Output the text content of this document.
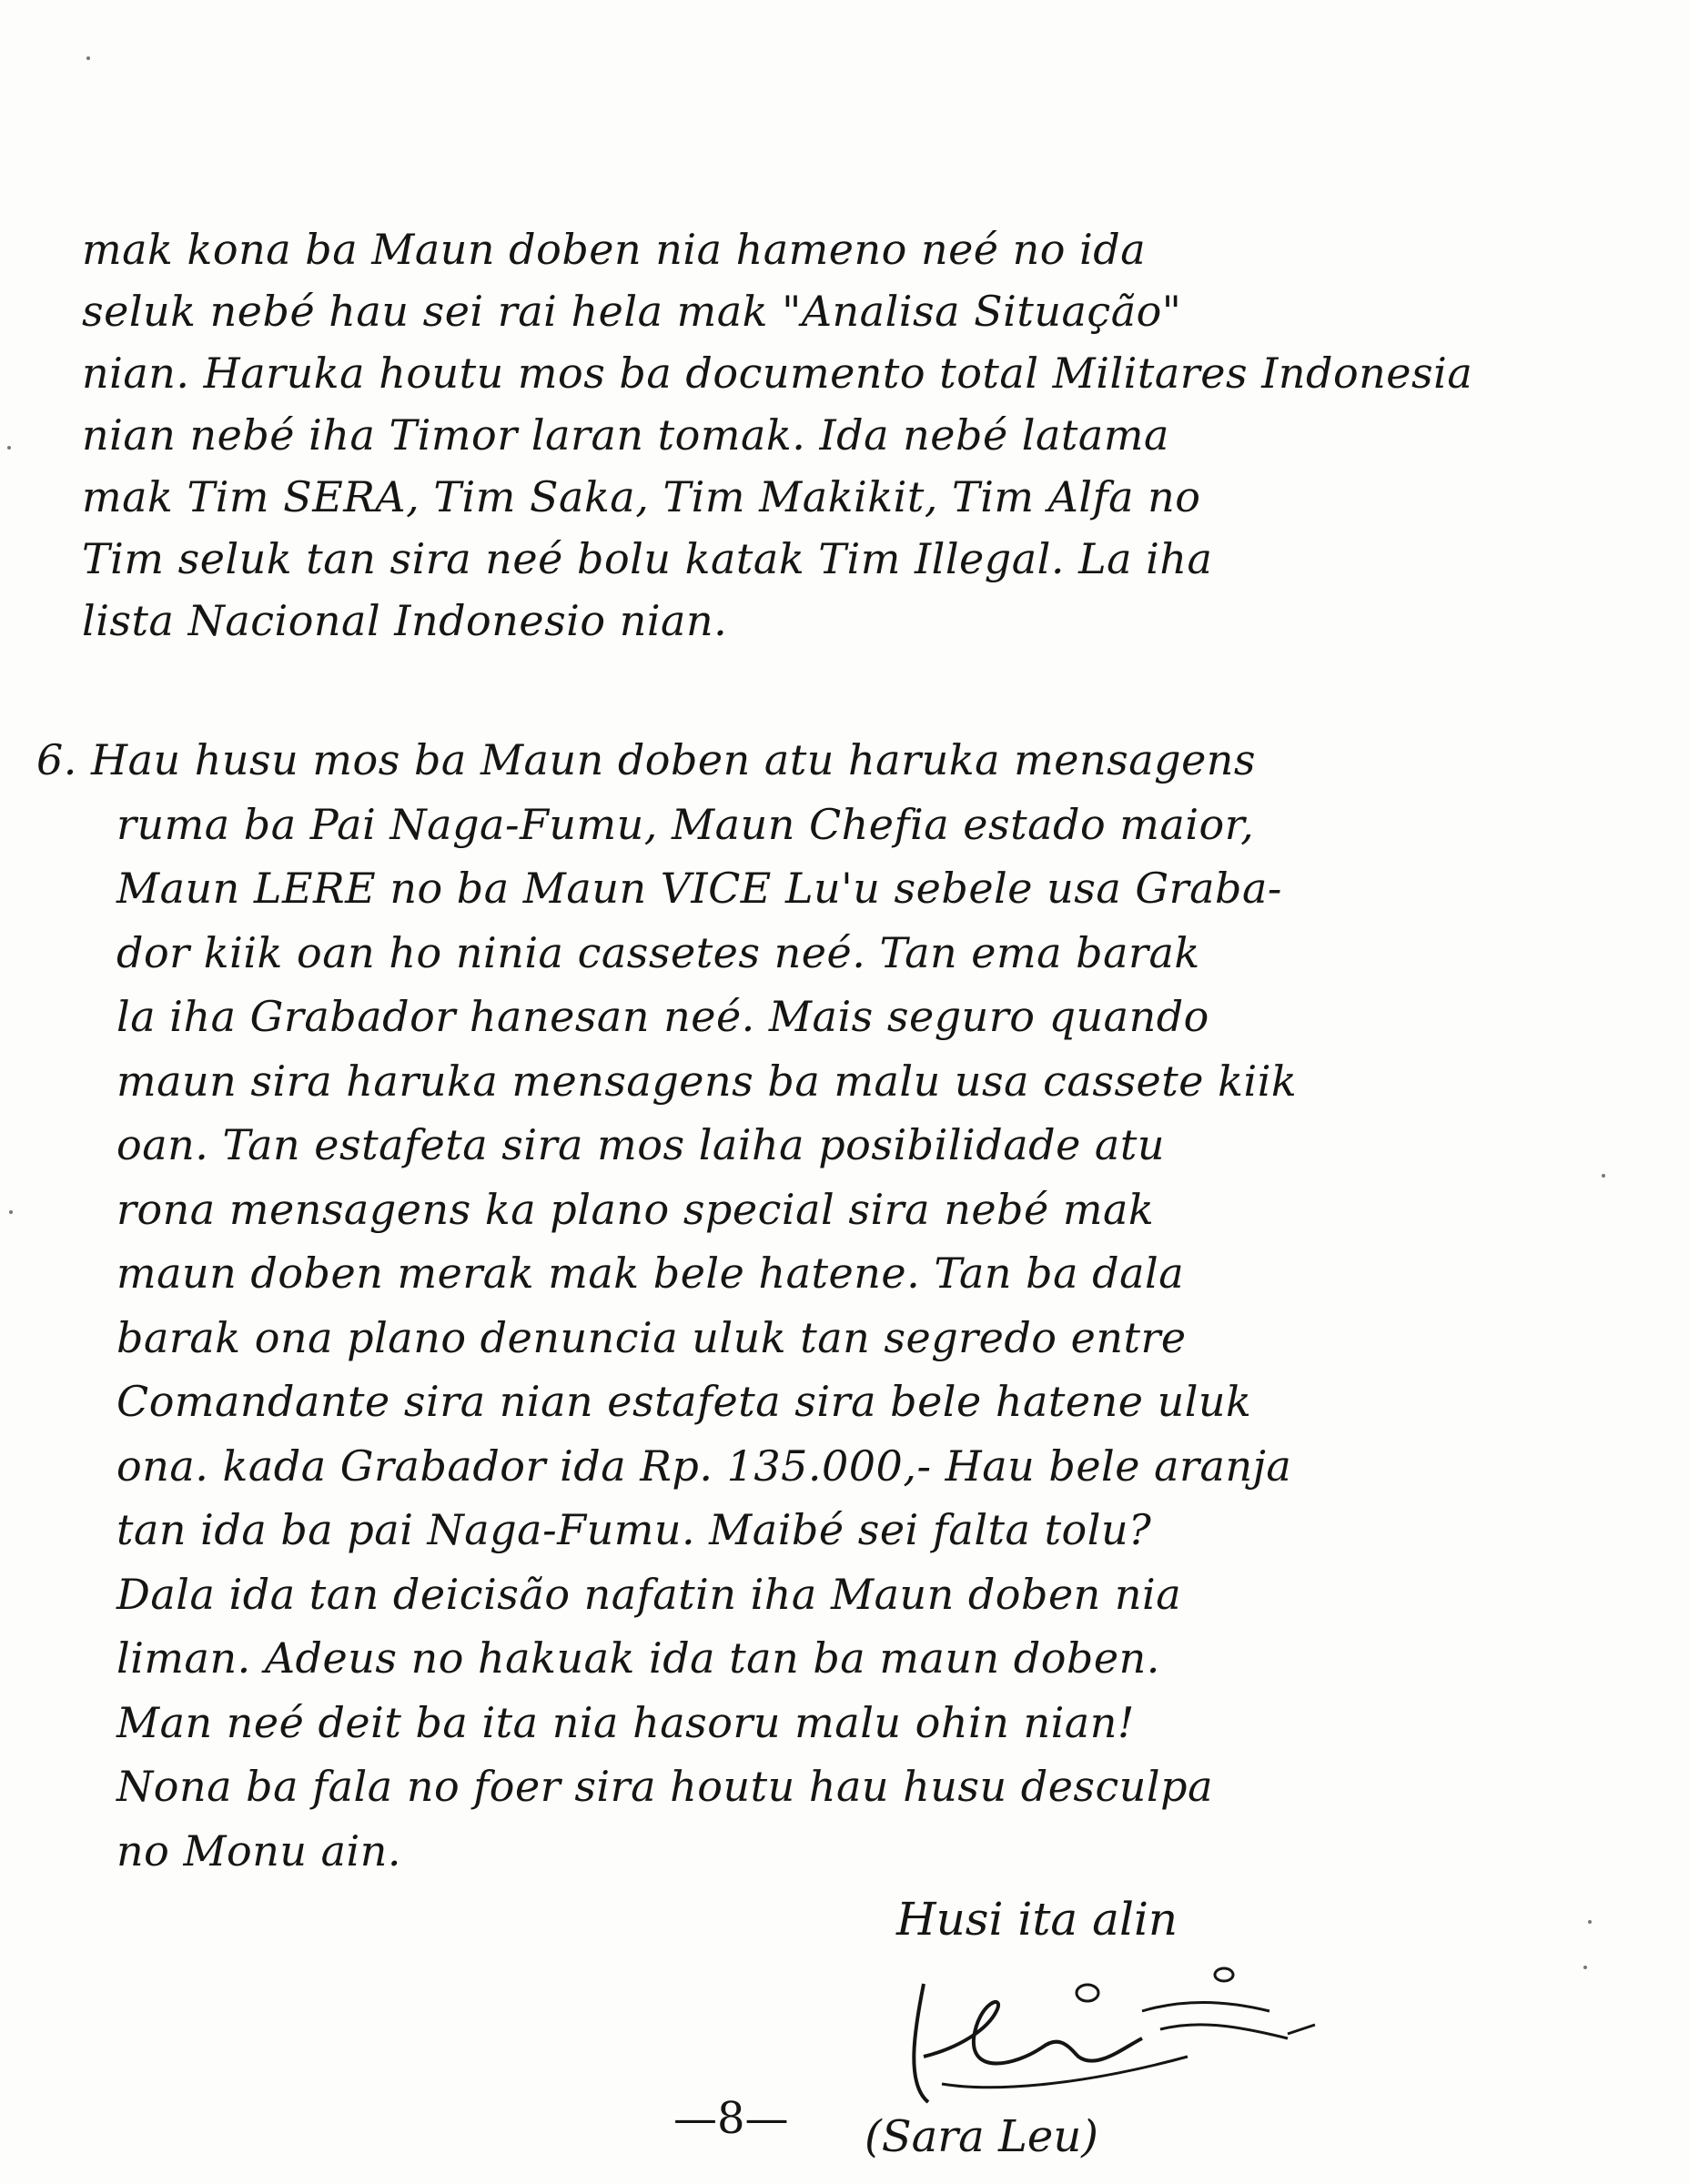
mak kona ba Maun doben nia hameno neé no ida
seluk nebé hau sei rai hela mak "Analisa Situação"
nian. Haruka houtu mos ba documento total Militares Indonesia
nian nebé iha Timor laran tomak. Ida nebé latama
mak Tim SERA, Tim Saka, Tim Makikit, Tim Alfa no
Tim seluk tan sira neé bolu katak Tim Illegal. La iha
lista Nacional Indonesio nian.
6. Hau husu mos ba Maun doben atu haruka mensagens
ruma ba Pai Naga-Fumu, Maun Chefia estado maior,
Maun LERE no ba Maun VICE Lu'u sebele usa Graba-
dor kiik oan ho ninia cassetes neé. Tan ema barak
la iha Grabador hanesan neé. Mais seguro quando
maun sira haruka mensagens ba malu usa cassete kiik
oan. Tan estafeta sira mos laiha posibilidade atu
rona mensagens ka plano special sira nebé mak
maun doben merak mak bele hatene. Tan ba dala
barak ona plano denuncia uluk tan segredo entre
Comandante sira nian estafeta sira bele hatene uluk
ona. kada Grabador ida Rp. 135.000,- Hau bele aranja
tan ida ba pai Naga-Fumu. Maibé sei falta tolu?
Dala ida tan deicisão nafatin iha Maun doben nia
liman. Adeus no hakuak ida tan ba maun doben.
Man neé deit ba ita nia hasoru malu ohin nian!
Nona ba fala no foer sira houtu hau husu desculpa
no Monu ain.
Husi ita alin
—8— (Sara Leu)
